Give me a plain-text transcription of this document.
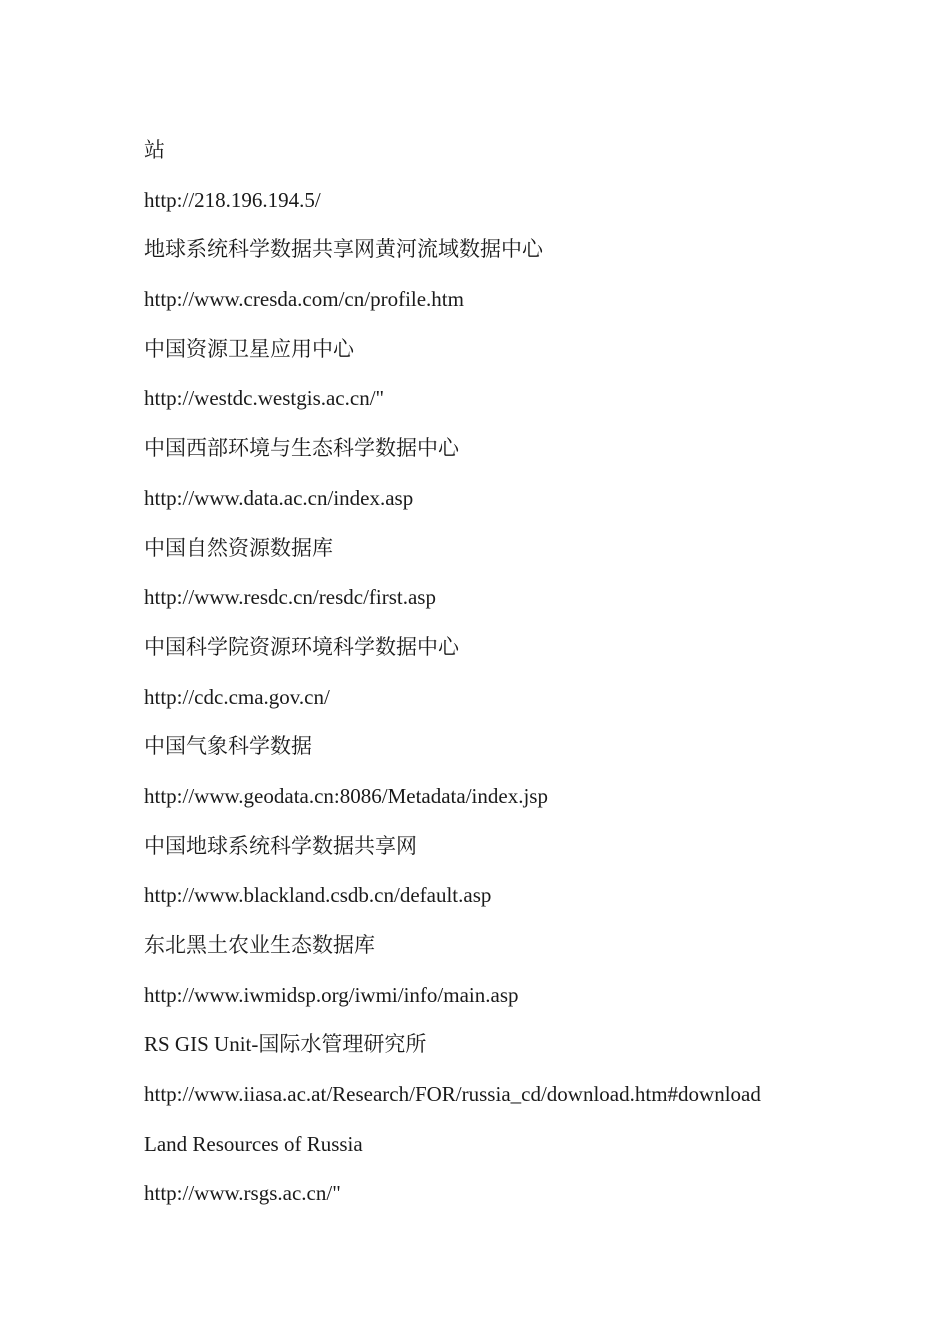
站
http://218.196.194.5/
地球系统科学数据共享网黄河流域数据中心
http://www.cresda.com/cn/profile.htm
中国资源卫星应用中心
http://westdc.westgis.ac.cn/"
中国西部环境与生态科学数据中心
http://www.data.ac.cn/index.asp
中国自然资源数据库
http://www.resdc.cn/resdc/first.asp
中国科学院资源环境科学数据中心
http://cdc.cma.gov.cn/
中国气象科学数据
http://www.geodata.cn:8086/Metadata/index.jsp
中国地球系统科学数据共享网
http://www.blackland.csdb.cn/default.asp
东北黑土农业生态数据库
http://www.iwmidsp.org/iwmi/info/main.asp
RS GIS Unit-国际水管理研究所
http://www.iiasa.ac.at/Research/FOR/russia_cd/download.htm#download
Land Resources of Russia
http://www.rsgs.ac.cn/"
